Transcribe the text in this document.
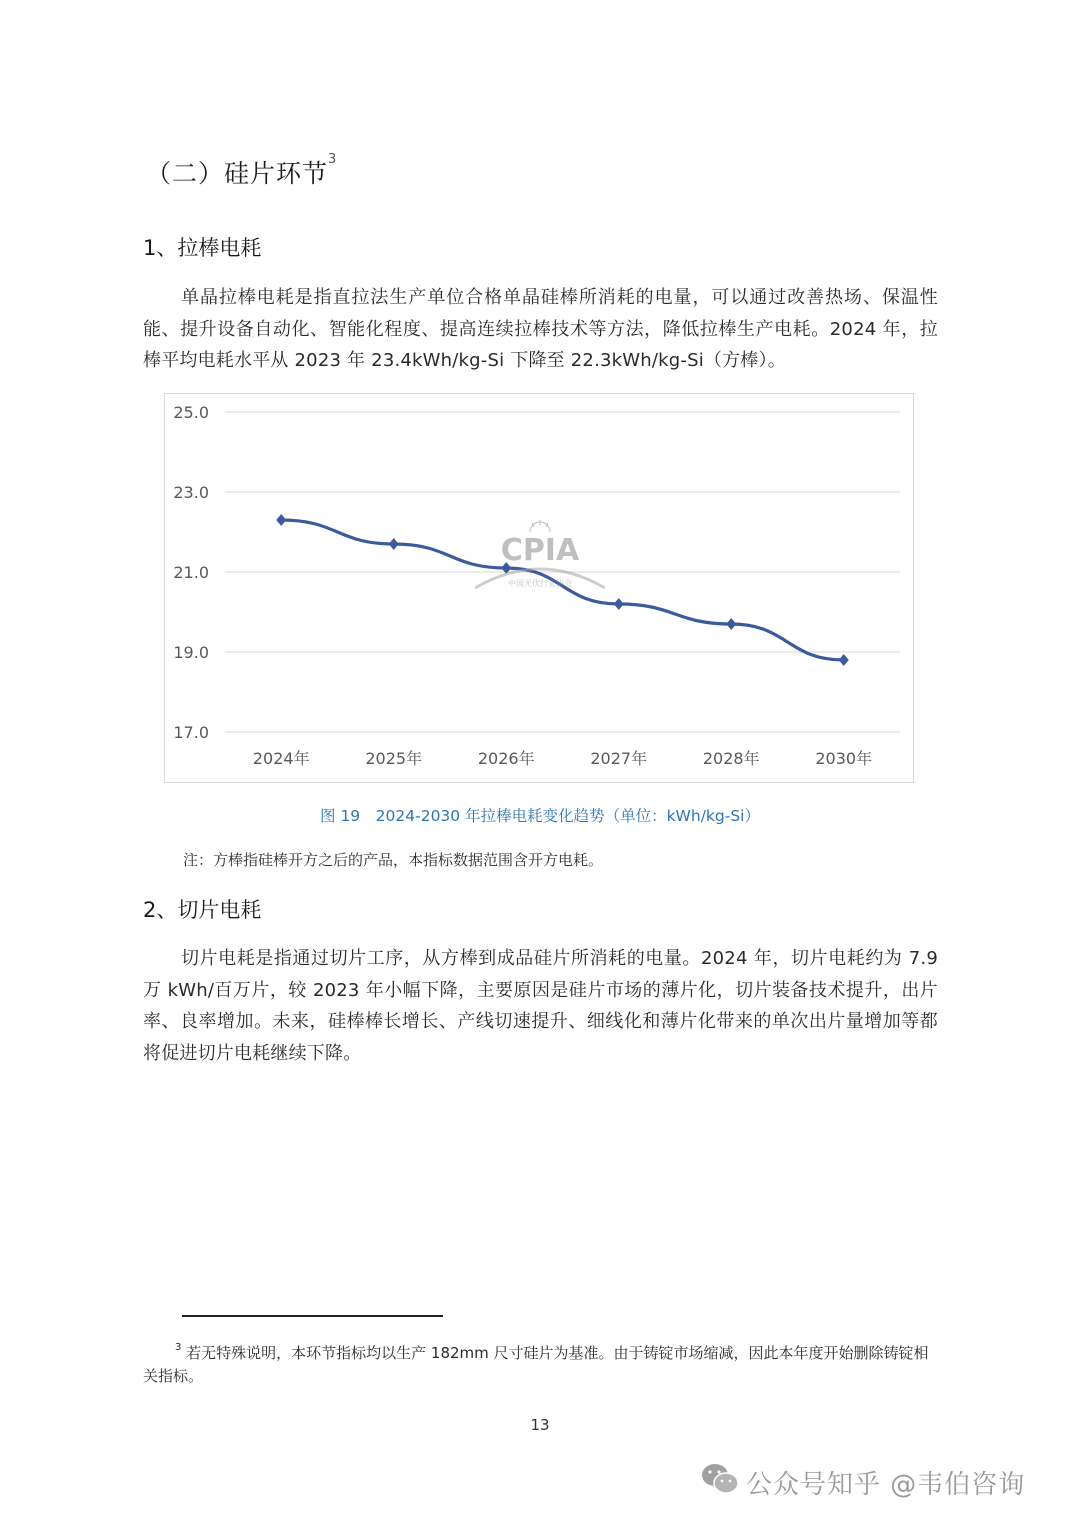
（二）硅片环节$^3$
1、拉棒电耗
单晶拉棒电耗是指直拉法生产单位合格单晶硅棒所消耗的电量，可以通过改善热场、保温性能、提升设备自动化、智能化程度、提高连续拉棒技术等方法，降低拉棒生产电耗。2024 年，拉棒平均电耗水平从 2023 年 23.4kWh/kg-Si 下降至 22.3kWh/kg-Si（方棒）。
25.0
23.0
21.0
19.0
17.0
2024年	2025年	2026年	2027年	2028年	2030年
CPIA
中国光伏行业协会
图 19　2024-2030 年拉棒电耗变化趋势（单位：kWh/kg-Si）
注：方棒指硅棒开方之后的产品，本指标数据范围含开方电耗。
2、切片电耗
切片电耗是指通过切片工序，从方棒到成品硅片所消耗的电量。2024 年，切片电耗约为 7.9 万 kWh/百万片，较 2023 年小幅下降，主要原因是硅片市场的薄片化，切片装备技术提升，出片率、良率增加。未来，硅棒棒长增长、产线切速提升、细线化和薄片化带来的单次出片量增加等都将促进切片电耗继续下降。
$^3$ 若无特殊说明，本环节指标均以生产 182mm 尺寸硅片为基准。由于铸锭市场缩减，因此本年度开始删除铸锭相关指标。
13
公众号知乎 @韦伯咨询
